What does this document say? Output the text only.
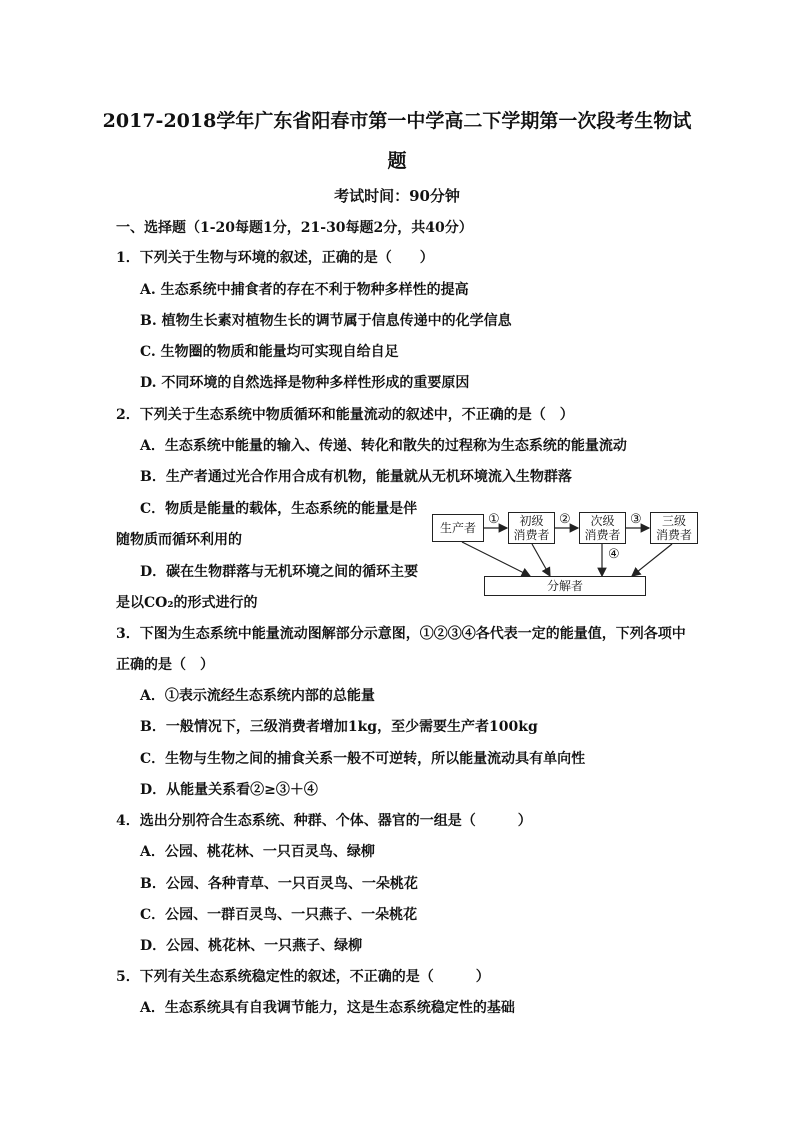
2017-2018学年广东省阳春市第一中学高二下学期第一次段考生物试
题
考试时间：90分钟
一、选择题（1-20每题1分，21-30每题2分，共40分）
1．下列关于生物与环境的叙述，正确的是（　　）
A. 生态系统中捕食者的存在不利于物种多样性的提高
B. 植物生长素对植物生长的调节属于信息传递中的化学信息
C. 生物圈的物质和能量均可实现自给自足
D. 不同环境的自然选择是物种多样性形成的重要原因
2．下列关于生态系统中物质循环和能量流动的叙述中，不正确的是（　）
A．生态系统中能量的输入、传递、转化和散失的过程称为生态系统的能量流动
B．生产者通过光合作用合成有机物，能量就从无机环境流入生物群落
C．物质是能量的载体，生态系统的能量是伴
随物质而循环利用的
D．碳在生物群落与无机环境之间的循环主要
是以CO₂的形式进行的
生产者	初级
消费者
次级
消费者
三级
消费者
分解者
①	②	③
④
3．下图为生态系统中能量流动图解部分示意图，①②③④各代表一定的能量值，下列各项中
正确的是（　）
A．①表示流经生态系统内部的总能量
B．一般情况下，三级消费者增加1kg，至少需要生产者100kg
C．生物与生物之间的捕食关系一般不可逆转，所以能量流动具有单向性
D．从能量关系看②≥③＋④
4．选出分别符合生态系统、种群、个体、器官的一组是（　　　）
A．公园、桃花林、一只百灵鸟、绿柳
B．公园、各种青草、一只百灵鸟、一朵桃花
C．公园、一群百灵鸟、一只燕子、一朵桃花
D．公园、桃花林、一只燕子、绿柳
5．下列有关生态系统稳定性的叙述，不正确的是（　　　）
A．生态系统具有自我调节能力，这是生态系统稳定性的基础
